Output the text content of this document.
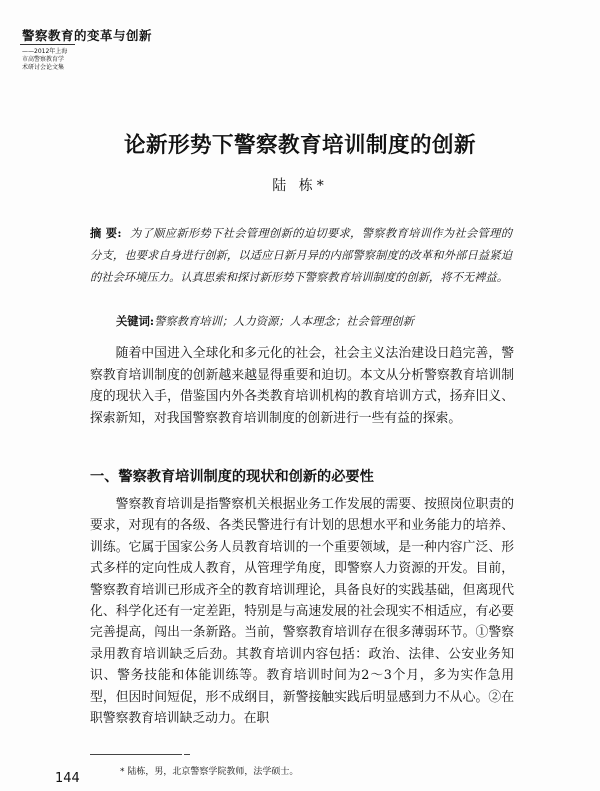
警察教育的变革与创新
——2012年上海
市高警察教育学
术研讨会论文集
论新形势下警察教育培训制度的创新
陆 栋*
摘 要: 为了顺应新形势下社会管理创新的迫切要求，警察教育培训作为社会管理的分支，也要求自身进行创新，以适应日新月异的内部警察制度的改革和外部日益紧迫的社会环境压力。认真思索和探讨新形势下警察教育培训制度的创新，将不无裨益。
关键词:警察教育培训；人力资源；人本理念；社会管理创新
随着中国进入全球化和多元化的社会，社会主义法治建设日趋完善，警察教育培训制度的创新越来越显得重要和迫切。本文从分析警察教育培训制度的现状入手，借鉴国内外各类教育培训机构的教育培训方式，扬弃旧义、探索新知，对我国警察教育培训制度的创新进行一些有益的探索。
一、警察教育培训制度的现状和创新的必要性
警察教育培训是指警察机关根据业务工作发展的需要、按照岗位职责的要求，对现有的各级、各类民警进行有计划的思想水平和业务能力的培养、训练。它属于国家公务人员教育培训的一个重要领域，是一种内容广泛、形式多样的定向性成人教育，从管理学角度，即警察人力资源的开发。目前，警察教育培训已形成齐全的教育培训理论，具备良好的实践基础，但离现代化、科学化还有一定差距，特别是与高速发展的社会现实不相适应，有必要完善提高，闯出一条新路。当前，警察教育培训存在很多薄弱环节。①警察录用教育培训缺乏后劲。其教育培训内容包括：政治、法律、公安业务知识、警务技能和体能训练等。教育培训时间为2～3个月，多为实作急用型，但因时间短促，形不成纲目，新警接触实践后明显感到力不从心。②在职警察教育培训缺乏动力。在职
* 陆栋，男，北京警察学院教师，法学硕士。
144
